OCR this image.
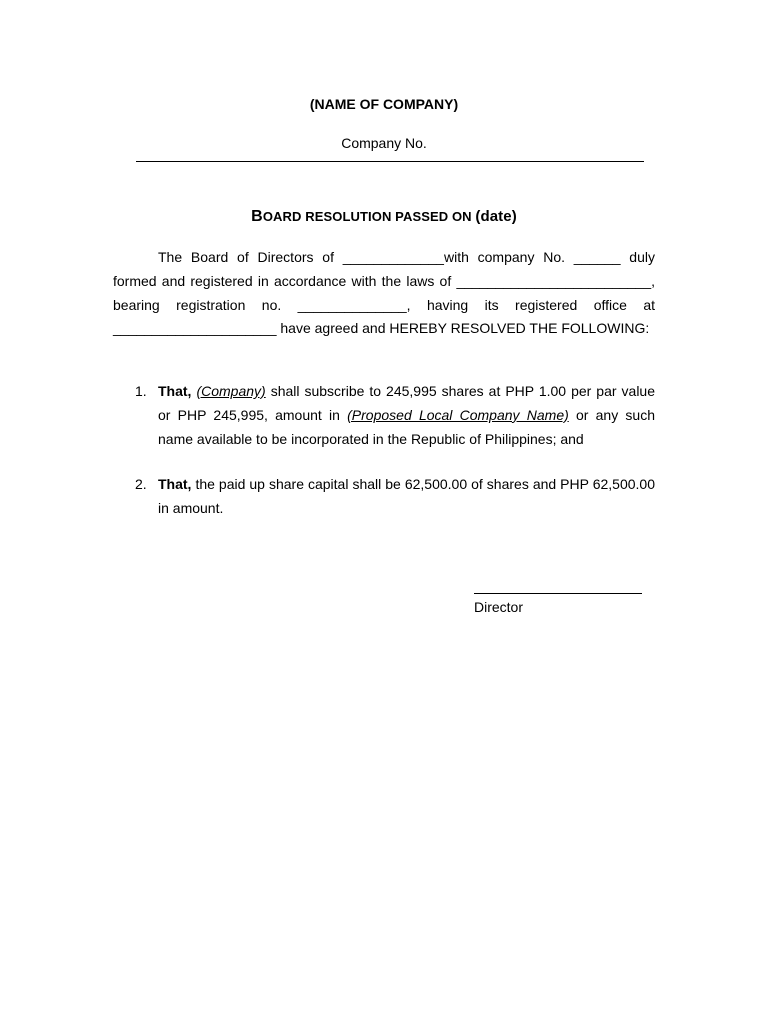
(NAME OF COMPANY)
Company No.
BOARD RESOLUTION PASSED ON (date)

The Board of Directors of _____________with company No. ______ duly formed and registered in accordance with the laws of _________________________, bearing registration no. ______________, having its registered office at _____________________ have agreed and HEREBY RESOLVED THE FOLLOWING:

1. That, (Company) shall subscribe to 245,995 shares at PHP 1.00 per par value or PHP 245,995, amount in (Proposed Local Company Name) or any such name available to be incorporated in the Republic of Philippines; and
2. That, the paid up share capital shall be 62,500.00 of shares and PHP 62,500.00 in amount.
Director
